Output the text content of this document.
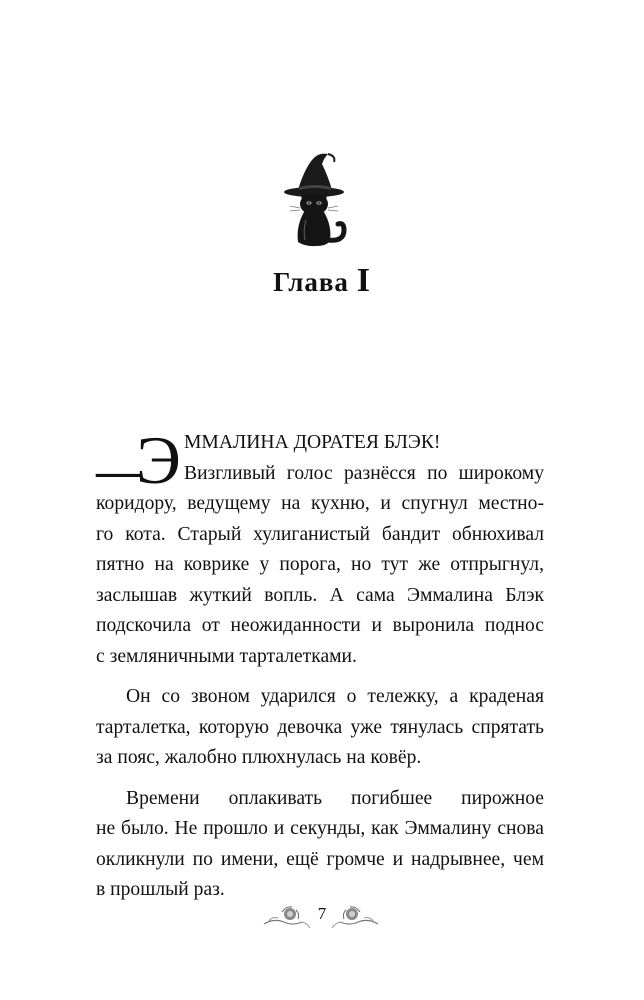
Глава I
—
Э ММАЛИНА ДОРАТЕЯ БЛЭК!
Визгливый голос разнёсся по широкому
коридору, ведущему на кухню, и спугнул местно-
го кота. Старый хулиганистый бандит обнюхивал
пятно на коврике у порога, но тут же отпрыгнул,
заслышав жуткий вопль. А сама Эммалина Блэк
подскочила от неожиданности и выронила поднос
с земляничными тарталетками.
Он со звоном ударился о тележку, а краденая
тарталетка, которую девочка уже тянулась спрятать
за пояс, жалобно плюхнулась на ковёр.
Времени оплакивать погибшее пирожное
не было. Не прошло и секунды, как Эммалину снова
окликнули по имени, ещё громче и надрывнее, чем
в прошлый раз.
7
